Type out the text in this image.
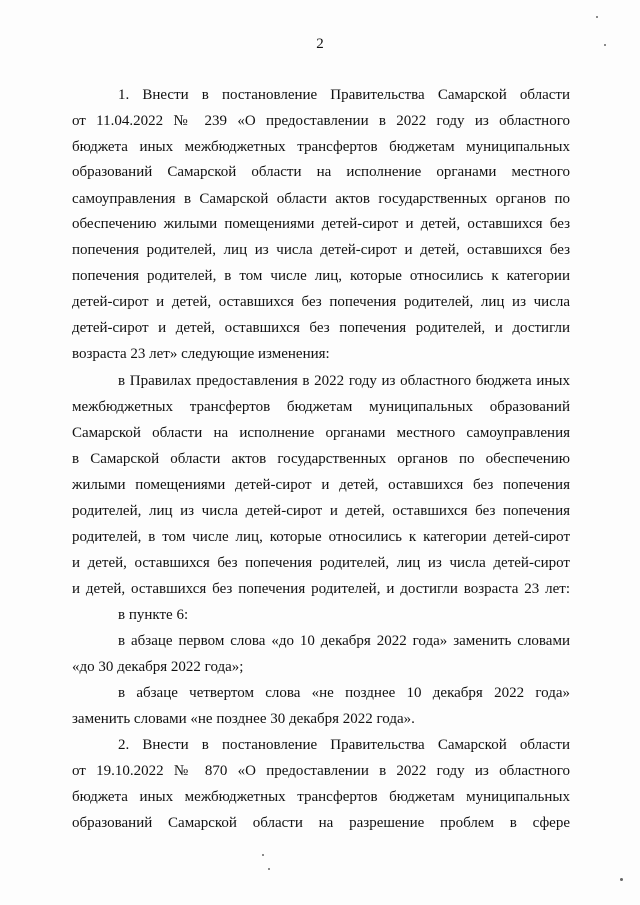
2
1. Внести в постановление Правительства Самарской области
от 11.04.2022 № 239 «О предоставлении в 2022 году из областного
бюджета иных межбюджетных трансфертов бюджетам муниципальных
образований Самарской области на исполнение органами местного
самоуправления в Самарской области актов государственных органов по
обеспечению жилыми помещениями детей-сирот и детей, оставшихся без
попечения родителей, лиц из числа детей-сирот и детей, оставшихся без
попечения родителей, в том числе лиц, которые относились к категории
детей-сирот и детей, оставшихся без попечения родителей, лиц из числа
детей-сирот и детей, оставшихся без попечения родителей, и достигли
возраста 23 лет» следующие изменения:
в Правилах предоставления в 2022 году из областного бюджета иных
межбюджетных трансфертов бюджетам муниципальных образований
Самарской области на исполнение органами местного самоуправления
в Самарской области актов государственных органов по обеспечению
жилыми помещениями детей-сирот и детей, оставшихся без попечения
родителей, лиц из числа детей-сирот и детей, оставшихся без попечения
родителей, в том числе лиц, которые относились к категории детей-сирот
и детей, оставшихся без попечения родителей, лиц из числа детей-сирот
и детей, оставшихся без попечения родителей, и достигли возраста 23 лет:
в пункте 6:
в абзаце первом слова «до 10 декабря 2022 года» заменить словами
«до 30 декабря 2022 года»;
в абзаце четвертом слова «не позднее 10 декабря 2022 года»
заменить словами «не позднее 30 декабря 2022 года».
2. Внести в постановление Правительства Самарской области
от 19.10.2022 № 870 «О предоставлении в 2022 году из областного
бюджета иных межбюджетных трансфертов бюджетам муниципальных
образований Самарской области на разрешение проблем в сфере
